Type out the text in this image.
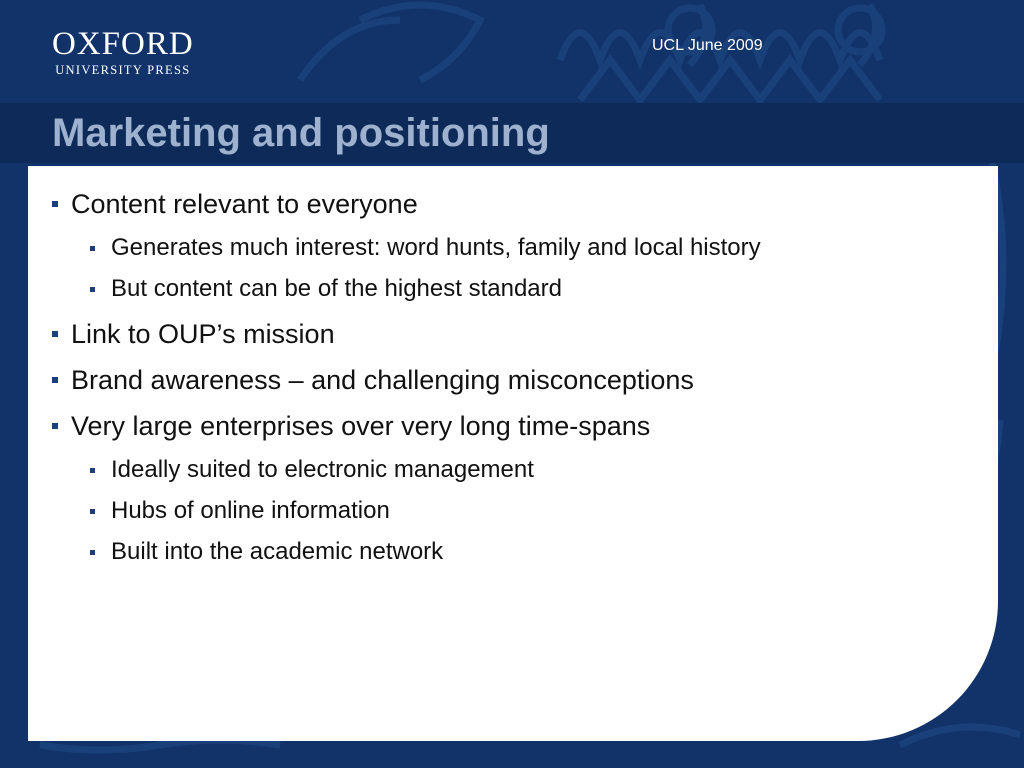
OXFORD
UNIVERSITY PRESS
UCL June 2009
Marketing and positioning
Content relevant to everyone
Generates much interest: word hunts, family and local history
But content can be of the highest standard
Link to OUP’s mission
Brand awareness – and challenging misconceptions
Very large enterprises over very long time-spans
Ideally suited to electronic management
Hubs of online information
Built into the academic network
